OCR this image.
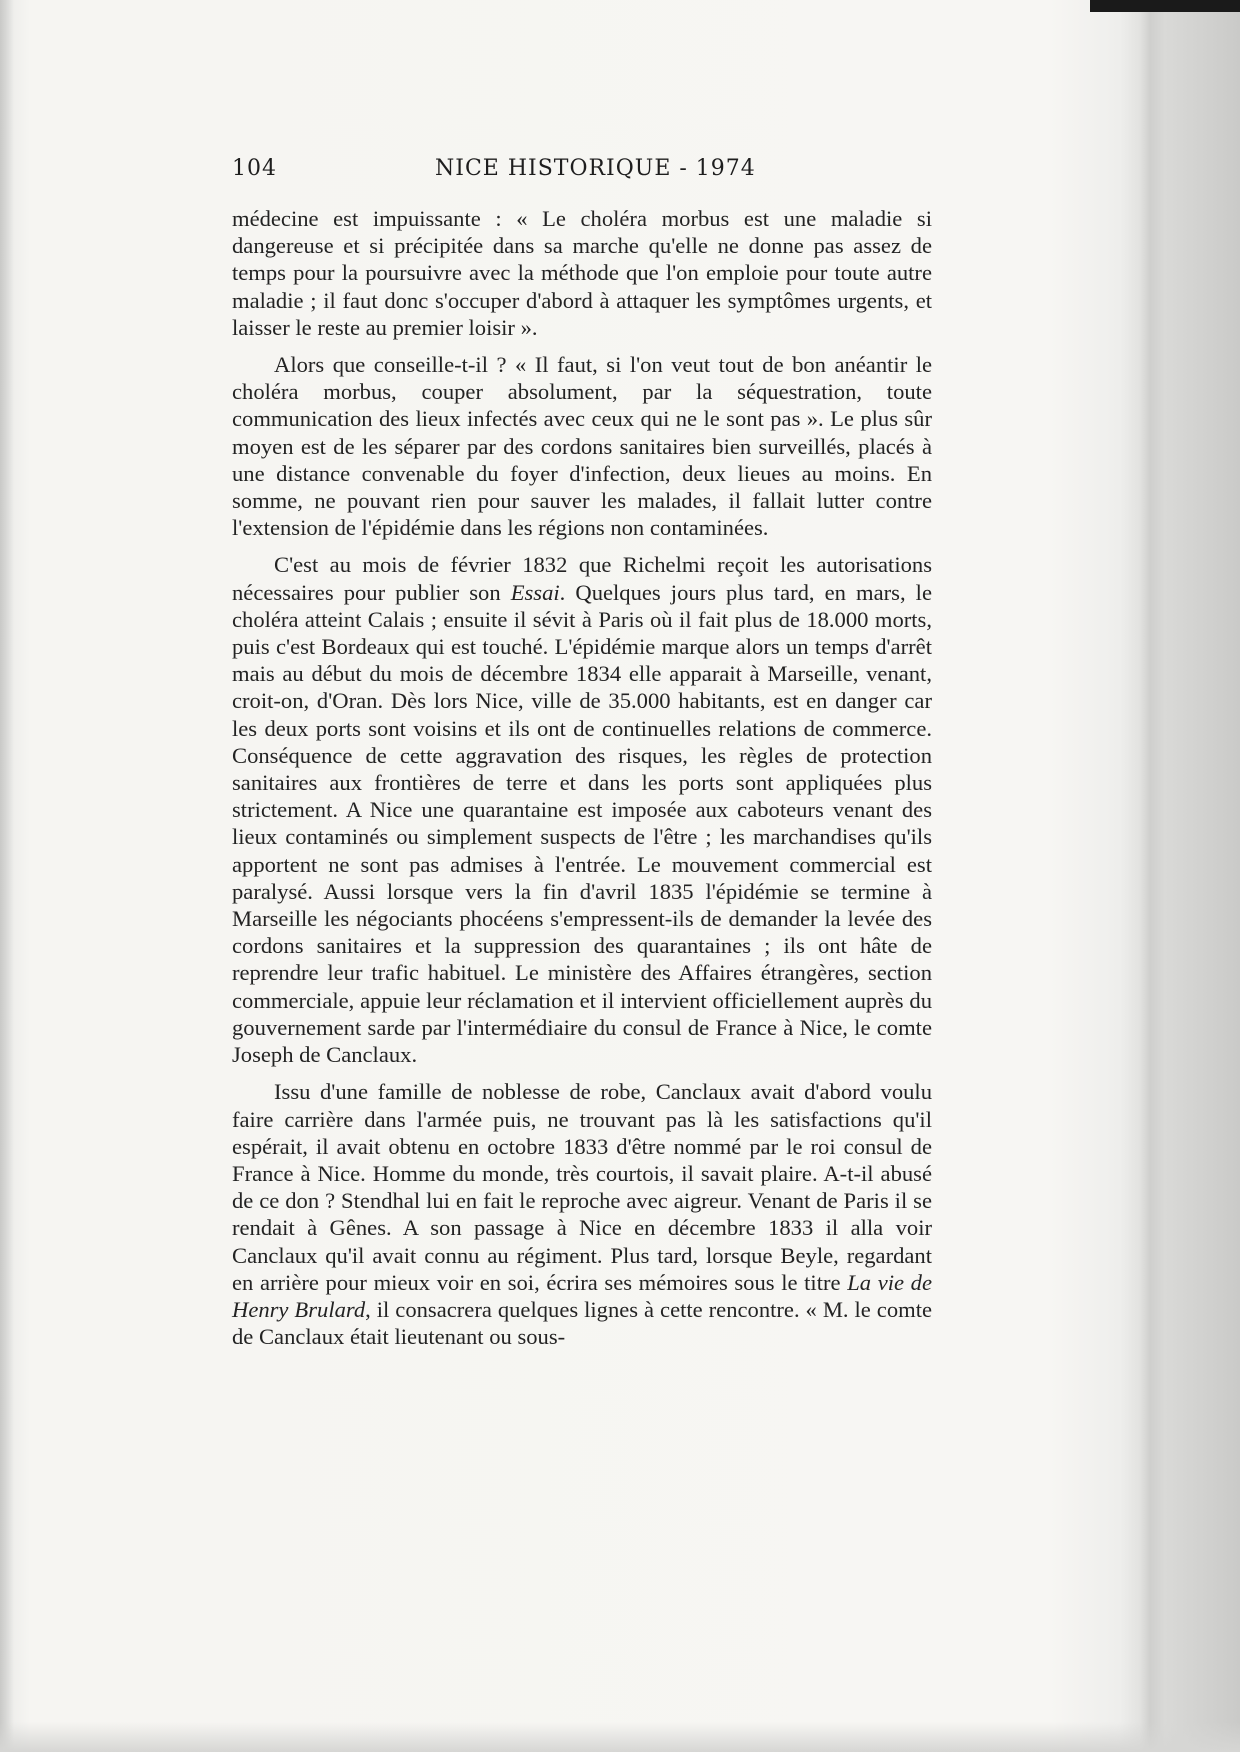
104	NICE HISTORIQUE - 1974

médecine est impuissante : « Le choléra morbus est une maladie si dangereuse et si précipitée dans sa marche qu'elle ne donne pas assez de temps pour la poursuivre avec la méthode que l'on emploie pour toute autre maladie ; il faut donc s'occuper d'abord à attaquer les symptômes urgents, et laisser le reste au premier loisir ».

Alors que conseille-t-il ? « Il faut, si l'on veut tout de bon anéantir le choléra morbus, couper absolument, par la séquestration, toute communication des lieux infectés avec ceux qui ne le sont pas ». Le plus sûr moyen est de les séparer par des cordons sanitaires bien surveillés, placés à une distance convenable du foyer d'infection, deux lieues au moins. En somme, ne pouvant rien pour sauver les malades, il fallait lutter contre l'extension de l'épidémie dans les régions non contaminées.

C'est au mois de février 1832 que Richelmi reçoit les autorisations nécessaires pour publier son Essai. Quelques jours plus tard, en mars, le choléra atteint Calais ; ensuite il sévit à Paris où il fait plus de 18.000 morts, puis c'est Bordeaux qui est touché. L'épidémie marque alors un temps d'arrêt mais au début du mois de décembre 1834 elle apparait à Marseille, venant, croit-on, d'Oran. Dès lors Nice, ville de 35.000 habitants, est en danger car les deux ports sont voisins et ils ont de continuelles relations de commerce. Conséquence de cette aggravation des risques, les règles de protection sanitaires aux frontières de terre et dans les ports sont appliquées plus strictement. A Nice une quarantaine est imposée aux caboteurs venant des lieux contaminés ou simplement suspects de l'être ; les marchandises qu'ils apportent ne sont pas admises à l'entrée. Le mouvement commercial est paralysé. Aussi lorsque vers la fin d'avril 1835 l'épidémie se termine à Marseille les négociants phocéens s'empressent-ils de demander la levée des cordons sanitaires et la suppression des quarantaines ; ils ont hâte de reprendre leur trafic habituel. Le ministère des Affaires étrangères, section commerciale, appuie leur réclamation et il intervient officiellement auprès du gouvernement sarde par l'intermédiaire du consul de France à Nice, le comte Joseph de Canclaux.

Issu d'une famille de noblesse de robe, Canclaux avait d'abord voulu faire carrière dans l'armée puis, ne trouvant pas là les satisfactions qu'il espérait, il avait obtenu en octobre 1833 d'être nommé par le roi consul de France à Nice. Homme du monde, très courtois, il savait plaire. A-t-il abusé de ce don ? Stendhal lui en fait le reproche avec aigreur. Venant de Paris il se rendait à Gênes. A son passage à Nice en décembre 1833 il alla voir Canclaux qu'il avait connu au régiment. Plus tard, lorsque Beyle, regardant en arrière pour mieux voir en soi, écrira ses mémoires sous le titre La vie de Henry Brulard, il consacrera quelques lignes à cette rencontre. « M. le comte de Canclaux était lieutenant ou sous-
